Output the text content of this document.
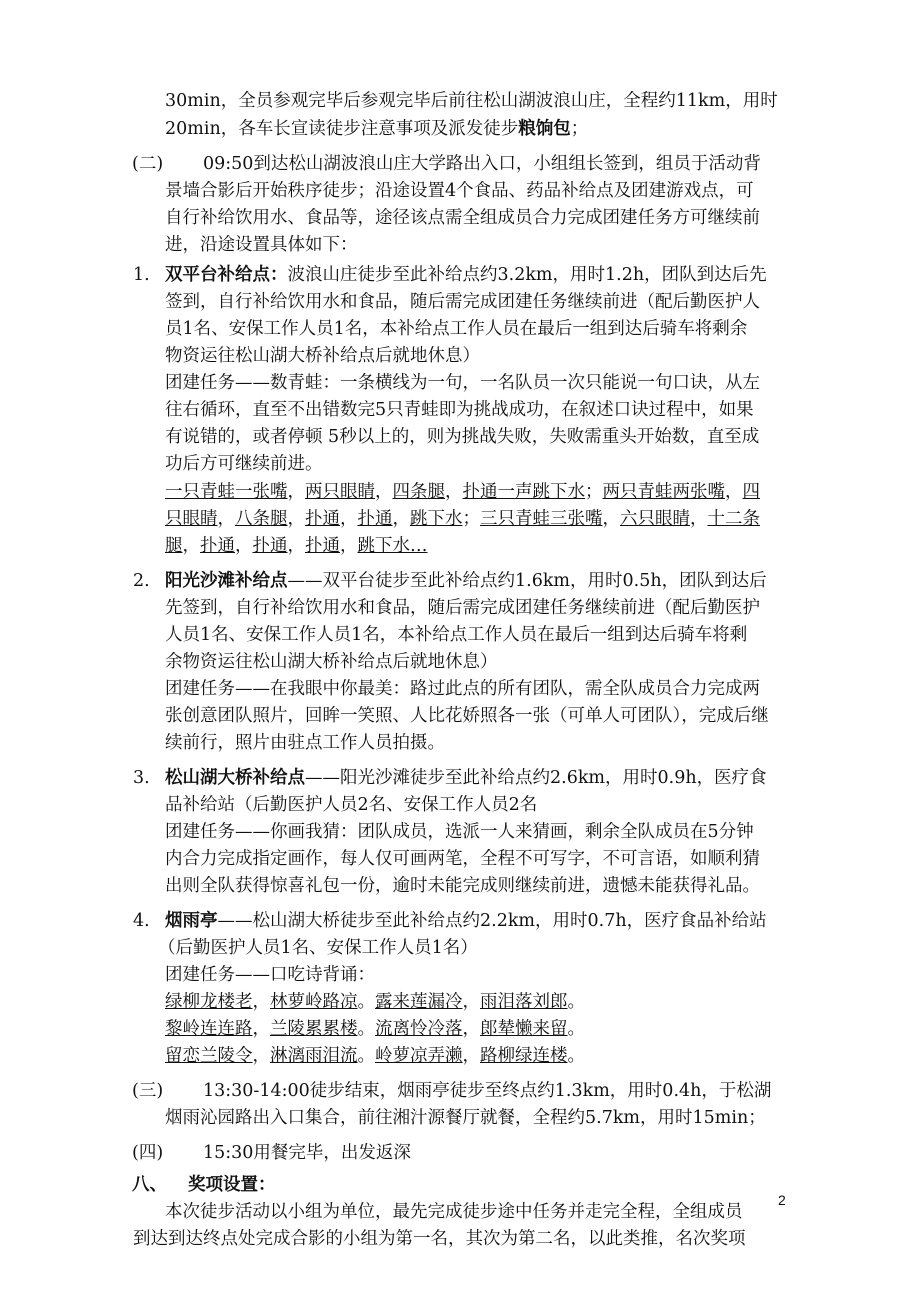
30min，全员参观完毕后参观完毕后前往松山湖波浪山庄，全程约11km，用时
20min，各车长宣读徒步注意事项及派发徒步粮饷包；
(二) 09:50到达松山湖波浪山庄大学路出入口，小组组长签到，组员于活动背
景墙合影后开始秩序徒步；沿途设置4个食品、药品补给点及团建游戏点，可
自行补给饮用水、食品等，途径该点需全组成员合力完成团建任务方可继续前
进，沿途设置具体如下：
1. 双平台补给点：波浪山庄徒步至此补给点约3.2km，用时1.2h，团队到达后先
签到，自行补给饮用水和食品，随后需完成团建任务继续前进（配后勤医护人
员1名、安保工作人员1名，本补给点工作人员在最后一组到达后骑车将剩余
物资运往松山湖大桥补给点后就地休息）
团建任务——数青蛙：一条横线为一句，一名队员一次只能说一句口诀，从左
往右循环，直至不出错数完5只青蛙即为挑战成功，在叙述口诀过程中，如果
有说错的，或者停顿 5秒以上的，则为挑战失败，失败需重头开始数，直至成
功后方可继续前进。
一只青蛙一张嘴，两只眼睛，四条腿，扑通一声跳下水；两只青蛙两张嘴，四
只眼睛，八条腿，扑通，扑通，跳下水；三只青蛙三张嘴，六只眼睛，十二条
腿，扑通，扑通，扑通，跳下水…
2. 阳光沙滩补给点——双平台徒步至此补给点约1.6km，用时0.5h，团队到达后
先签到，自行补给饮用水和食品，随后需完成团建任务继续前进（配后勤医护
人员1名、安保工作人员1名，本补给点工作人员在最后一组到达后骑车将剩
余物资运往松山湖大桥补给点后就地休息）
团建任务——在我眼中你最美：路过此点的所有团队，需全队成员合力完成两
张创意团队照片，回眸一笑照、人比花娇照各一张（可单人可团队），完成后继
续前行，照片由驻点工作人员拍摄。
3. 松山湖大桥补给点——阳光沙滩徒步至此补给点约2.6km，用时0.9h，医疗食
品补给站（后勤医护人员2名、安保工作人员2名
团建任务——你画我猜：团队成员，选派一人来猜画，剩余全队成员在5分钟
内合力完成指定画作，每人仅可画两笔，全程不可写字，不可言语，如顺利猜
出则全队获得惊喜礼包一份，逾时未能完成则继续前进，遗憾未能获得礼品。
4. 烟雨亭——松山湖大桥徒步至此补给点约2.2km，用时0.7h，医疗食品补给站
（后勤医护人员1名、安保工作人员1名）
团建任务——口吃诗背诵：
绿柳龙楼老，林萝岭路凉。露来莲漏冷，雨泪落刘郎。
黎岭连连路，兰陵累累楼。流离怜冷落，郎辇懒来留。
留恋兰陵令，淋漓雨泪流。岭萝凉弄濑，路柳绿连楼。
(三) 13:30-14:00徒步结束，烟雨亭徒步至终点约1.3km，用时0.4h，于松湖
烟雨沁园路出入口集合，前往湘汁源餐厅就餐，全程约5.7km，用时15min；
(四) 15:30用餐完毕，出发返深
八、 奖项设置：
本次徒步活动以小组为单位，最先完成徒步途中任务并走完全程，全组成员
到达到达终点处完成合影的小组为第一名，其次为第二名，以此类推，名次奖项
2
